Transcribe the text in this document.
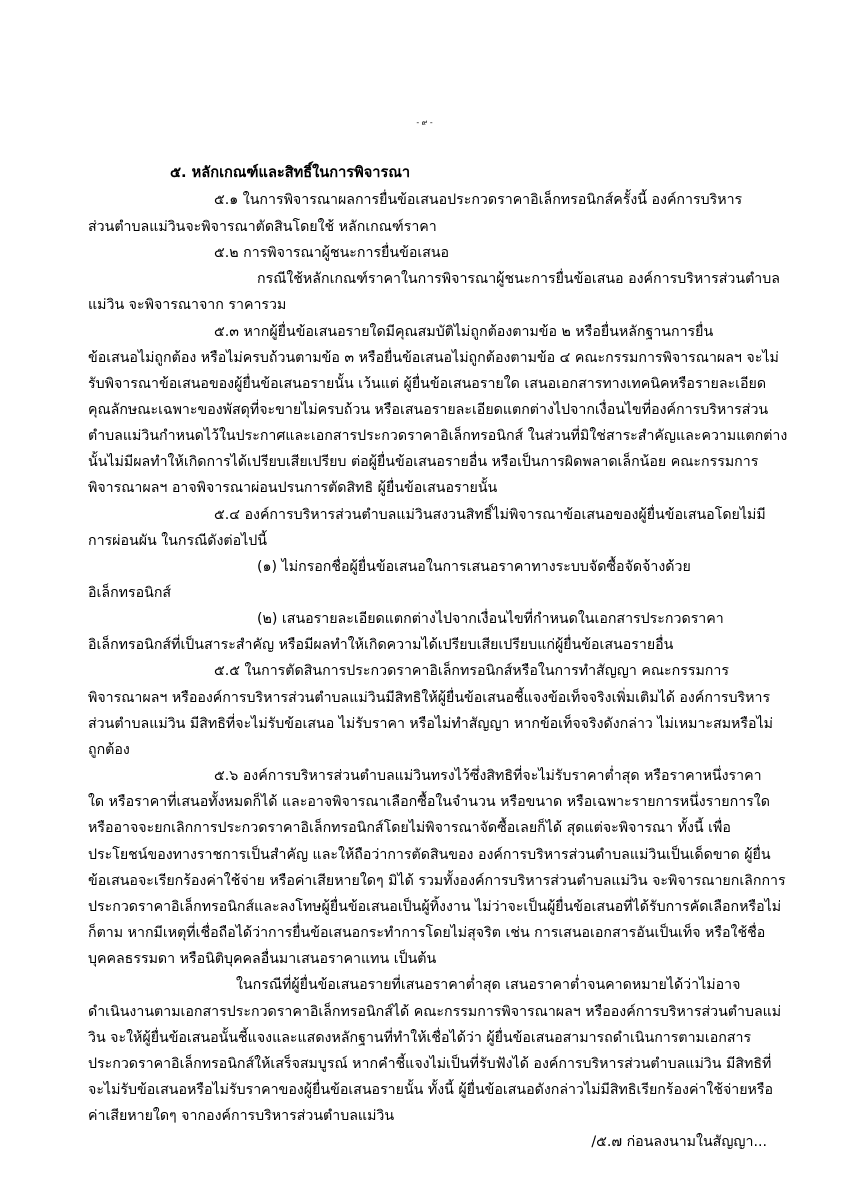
- ๙ -
๕. หลักเกณฑ์และสิทธิ์ในการพิจารณา
๕.๑ ในการพิจารณาผลการยื่นข้อเสนอประกวดราคาอิเล็กทรอนิกส์ครั้งนี้ องค์การบริหาร
ส่วนตำบลแม่วินจะพิจารณาตัดสินโดยใช้ หลักเกณฑ์ราคา
๕.๒ การพิจารณาผู้ชนะการยื่นข้อเสนอ
กรณีใช้หลักเกณฑ์ราคาในการพิจารณาผู้ชนะการยื่นข้อเสนอ องค์การบริหารส่วนตำบล
แม่วิน จะพิจารณาจาก ราคารวม
๕.๓ หากผู้ยื่นข้อเสนอรายใดมีคุณสมบัติไม่ถูกต้องตามข้อ ๒ หรือยื่นหลักฐานการยื่น
ข้อเสนอไม่ถูกต้อง หรือไม่ครบถ้วนตามข้อ ๓ หรือยื่นข้อเสนอไม่ถูกต้องตามข้อ ๔ คณะกรรมการพิจารณาผลฯ จะไม่
รับพิจารณาข้อเสนอของผู้ยื่นข้อเสนอรายนั้น เว้นแต่ ผู้ยื่นข้อเสนอรายใด เสนอเอกสารทางเทคนิคหรือรายละเอียด
คุณลักษณะเฉพาะของพัสดุที่จะขายไม่ครบถ้วน หรือเสนอรายละเอียดแตกต่างไปจากเงื่อนไขที่องค์การบริหารส่วน
ตำบลแม่วินกำหนดไว้ในประกาศและเอกสารประกวดราคาอิเล็กทรอนิกส์ ในส่วนที่มิใช่สาระสำคัญและความแตกต่าง
นั้นไม่มีผลทำให้เกิดการได้เปรียบเสียเปรียบ ต่อผู้ยื่นข้อเสนอรายอื่น หรือเป็นการผิดพลาดเล็กน้อย คณะกรรมการ
พิจารณาผลฯ อาจพิจารณาผ่อนปรนการตัดสิทธิ ผู้ยื่นข้อเสนอรายนั้น
๕.๔ องค์การบริหารส่วนตำบลแม่วินสงวนสิทธิ์ไม่พิจารณาข้อเสนอของผู้ยื่นข้อเสนอโดยไม่มี
การผ่อนผัน ในกรณีดังต่อไปนี้
(๑) ไม่กรอกชื่อผู้ยื่นข้อเสนอในการเสนอราคาทางระบบจัดซื้อจัดจ้างด้วย
อิเล็กทรอนิกส์
(๒) เสนอรายละเอียดแตกต่างไปจากเงื่อนไขที่กำหนดในเอกสารประกวดราคา
อิเล็กทรอนิกส์ที่เป็นสาระสำคัญ หรือมีผลทำให้เกิดความได้เปรียบเสียเปรียบแก่ผู้ยื่นข้อเสนอรายอื่น
๕.๕ ในการตัดสินการประกวดราคาอิเล็กทรอนิกส์หรือในการทำสัญญา คณะกรรมการ
พิจารณาผลฯ หรือองค์การบริหารส่วนตำบลแม่วินมีสิทธิให้ผู้ยื่นข้อเสนอชี้แจงข้อเท็จจริงเพิ่มเติมได้ องค์การบริหาร
ส่วนตำบลแม่วิน มีสิทธิที่จะไม่รับข้อเสนอ ไม่รับราคา หรือไม่ทำสัญญา หากข้อเท็จจริงดังกล่าว ไม่เหมาะสมหรือไม่
ถูกต้อง
๕.๖ องค์การบริหารส่วนตำบลแม่วินทรงไว้ซึ่งสิทธิที่จะไม่รับราคาต่ำสุด หรือราคาหนึ่งราคา
ใด หรือราคาที่เสนอทั้งหมดก็ได้ และอาจพิจารณาเลือกซื้อในจำนวน หรือขนาด หรือเฉพาะรายการหนึ่งรายการใด
หรืออาจจะยกเลิกการประกวดราคาอิเล็กทรอนิกส์โดยไม่พิจารณาจัดซื้อเลยก็ได้ สุดแต่จะพิจารณา ทั้งนี้ เพื่อ
ประโยชน์ของทางราชการเป็นสำคัญ และให้ถือว่าการตัดสินของ องค์การบริหารส่วนตำบลแม่วินเป็นเด็ดขาด ผู้ยื่น
ข้อเสนอจะเรียกร้องค่าใช้จ่าย หรือค่าเสียหายใดๆ มิได้ รวมทั้งองค์การบริหารส่วนตำบลแม่วิน จะพิจารณายกเลิกการ
ประกวดราคาอิเล็กทรอนิกส์และลงโทษผู้ยื่นข้อเสนอเป็นผู้ทิ้งงาน ไม่ว่าจะเป็นผู้ยื่นข้อเสนอที่ได้รับการคัดเลือกหรือไม่
ก็ตาม หากมีเหตุที่เชื่อถือได้ว่าการยื่นข้อเสนอกระทำการโดยไม่สุจริต เช่น การเสนอเอกสารอันเป็นเท็จ หรือใช้ชื่อ
บุคคลธรรมดา หรือนิติบุคคลอื่นมาเสนอราคาแทน เป็นต้น
ในกรณีที่ผู้ยื่นข้อเสนอรายที่เสนอราคาต่ำสุด เสนอราคาต่ำจนคาดหมายได้ว่าไม่อาจ
ดำเนินงานตามเอกสารประกวดราคาอิเล็กทรอนิกส์ได้ คณะกรรมการพิจารณาผลฯ หรือองค์การบริหารส่วนตำบลแม่
วิน จะให้ผู้ยื่นข้อเสนอนั้นชี้แจงและแสดงหลักฐานที่ทำให้เชื่อได้ว่า ผู้ยื่นข้อเสนอสามารถดำเนินการตามเอกสาร
ประกวดราคาอิเล็กทรอนิกส์ให้เสร็จสมบูรณ์ หากคำชี้แจงไม่เป็นที่รับฟังได้ องค์การบริหารส่วนตำบลแม่วิน มีสิทธิที่
จะไม่รับข้อเสนอหรือไม่รับราคาของผู้ยื่นข้อเสนอรายนั้น ทั้งนี้ ผู้ยื่นข้อเสนอดังกล่าวไม่มีสิทธิเรียกร้องค่าใช้จ่ายหรือ
ค่าเสียหายใดๆ จากองค์การบริหารส่วนตำบลแม่วิน
/๕.๗ ก่อนลงนามในสัญญา...
